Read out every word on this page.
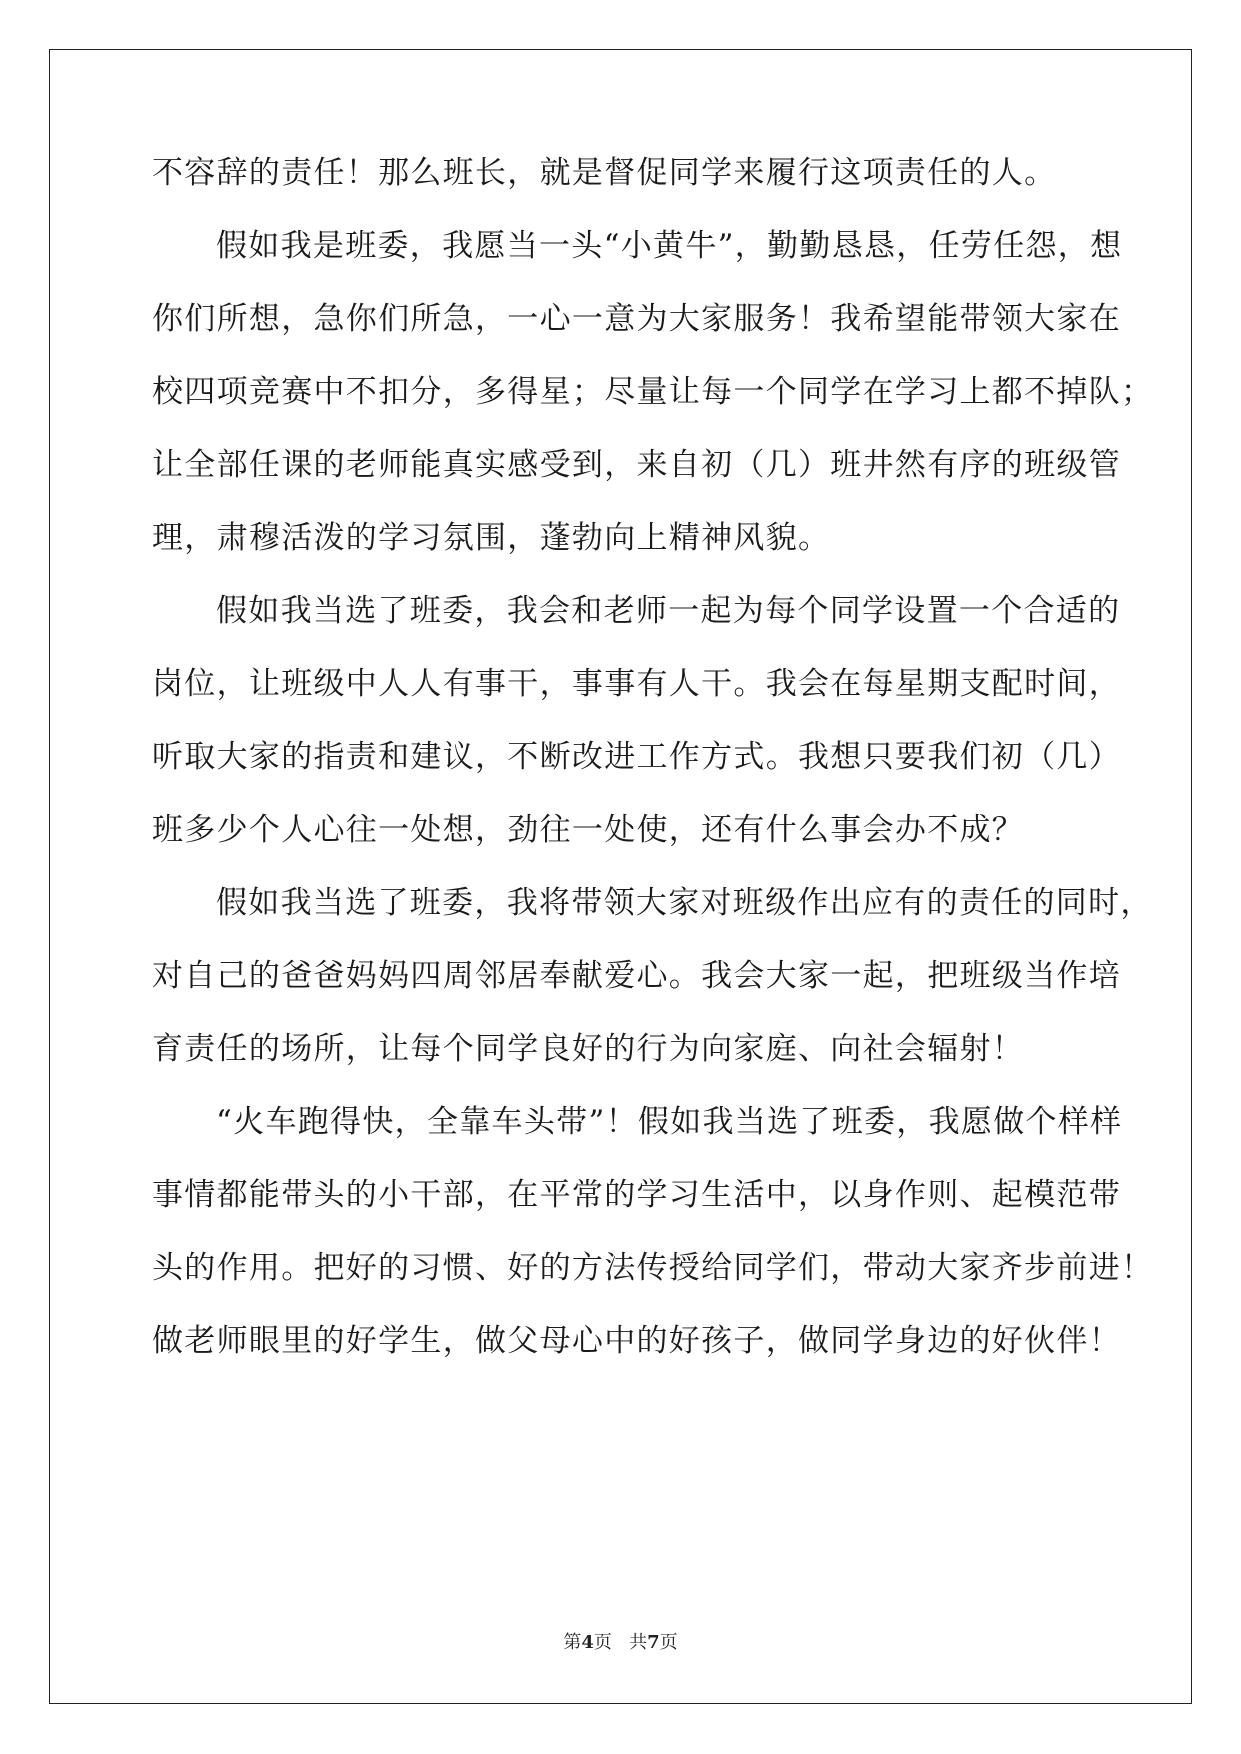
不容辞的责任！那么班长，就是督促同学来履行这项责任的人。
假如我是班委，我愿当一头“小黄牛”，勤勤恳恳，任劳任怨，想
你们所想，急你们所急，一心一意为大家服务！我希望能带领大家在
校四项竞赛中不扣分，多得星；尽量让每一个同学在学习上都不掉队；
让全部任课的老师能真实感受到，来自初（几）班井然有序的班级管
理，肃穆活泼的学习氛围，蓬勃向上精神风貌。
假如我当选了班委，我会和老师一起为每个同学设置一个合适的
岗位，让班级中人人有事干，事事有人干。我会在每星期支配时间，
听取大家的指责和建议，不断改进工作方式。我想只要我们初（几）
班多少个人心往一处想，劲往一处使，还有什么事会办不成？
假如我当选了班委，我将带领大家对班级作出应有的责任的同时，
对自己的爸爸妈妈四周邻居奉献爱心。我会大家一起，把班级当作培
育责任的场所，让每个同学良好的行为向家庭、向社会辐射！
“火车跑得快，全靠车头带”！假如我当选了班委，我愿做个样样
事情都能带头的小干部，在平常的学习生活中，以身作则、起模范带
头的作用。把好的习惯、好的方法传授给同学们，带动大家齐步前进！
做老师眼里的好学生，做父母心中的好孩子，做同学身边的好伙伴！
第4页 共7页
